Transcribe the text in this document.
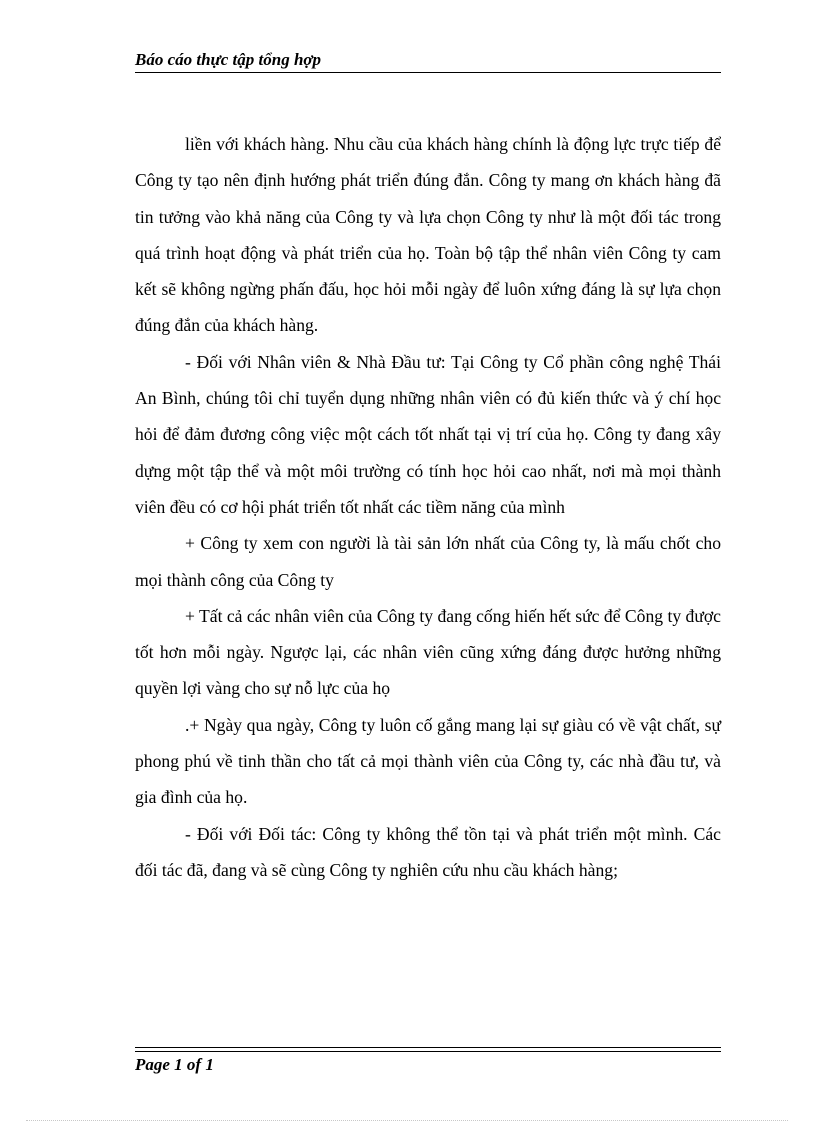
Báo cáo thực tập tổng hợp

liền với khách hàng. Nhu cầu của khách hàng chính là động lực trực tiếp để Công ty tạo nên định hướng phát triển đúng đắn. Công ty mang ơn khách hàng đã tin tưởng vào khả năng của Công ty và lựa chọn Công ty như là một đối tác trong quá trình hoạt động và phát triển của họ. Toàn bộ tập thể nhân viên Công ty cam kết sẽ không ngừng phấn đấu, học hỏi mỗi ngày để luôn xứng đáng là sự lựa chọn đúng đắn của khách hàng.

- Đối với Nhân viên & Nhà Đầu tư: Tại Công ty Cổ phần công nghệ Thái An Bình, chúng tôi chỉ tuyển dụng những nhân viên có đủ kiến thức và ý chí học hỏi để đảm đương công việc một cách tốt nhất tại vị trí của họ. Công ty đang xây dựng một tập thể và một môi trường có tính học hỏi cao nhất, nơi mà mọi thành viên đều có cơ hội phát triển tốt nhất các tiềm năng của mình

+ Công ty xem con người là tài sản lớn nhất của Công ty, là mấu chốt cho mọi thành công của Công ty

+ Tất cả các nhân viên của Công ty đang cống hiến hết sức để Công ty được tốt hơn mỗi ngày. Ngược lại, các nhân viên cũng xứng đáng được hưởng những quyền lợi vàng cho sự nỗ lực của họ

.+ Ngày qua ngày, Công ty luôn cố gắng mang lại sự giàu có về vật chất, sự phong phú về tinh thần cho tất cả mọi thành viên của Công ty, các nhà đầu tư, và gia đình của họ.

- Đối với Đối tác: Công ty không thể tồn tại và phát triển một mình. Các đối tác đã, đang và sẽ cùng Công ty nghiên cứu nhu cầu khách hàng;

Page 1 of 1
